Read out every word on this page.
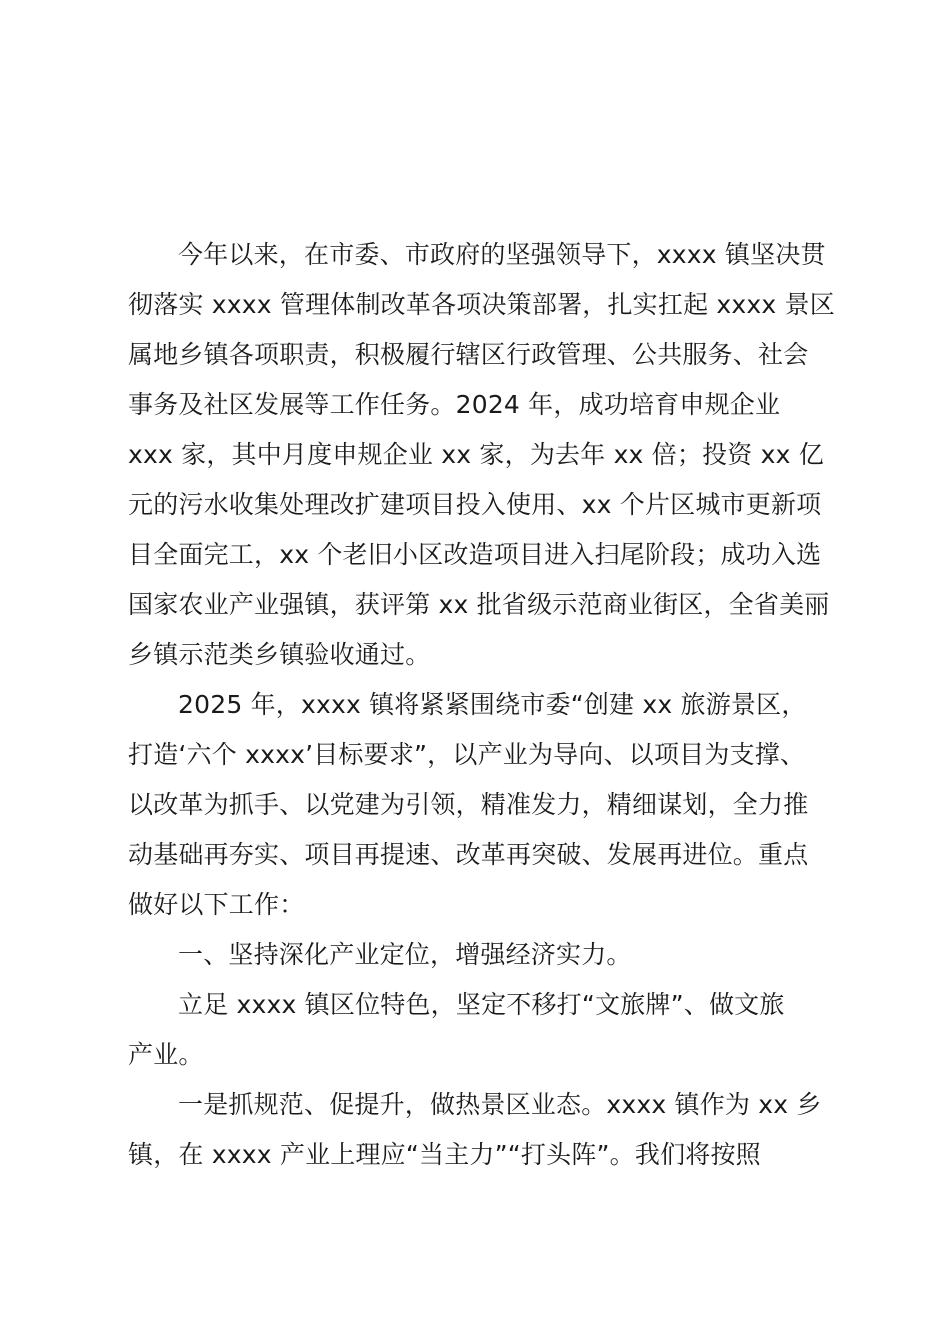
今年以来，在市委、市政府的坚强领导下，xxxx 镇坚决贯
彻落实 xxxx 管理体制改革各项决策部署，扎实扛起 xxxx 景区
属地乡镇各项职责，积极履行辖区行政管理、公共服务、社会
事务及社区发展等工作任务。2024 年，成功培育申规企业
xxx 家，其中月度申规企业 xx 家，为去年 xx 倍；投资 xx 亿
元的污水收集处理改扩建项目投入使用、xx 个片区城市更新项
目全面完工，xx 个老旧小区改造项目进入扫尾阶段；成功入选
国家农业产业强镇，获评第 xx 批省级示范商业街区，全省美丽
乡镇示范类乡镇验收通过。

2025 年，xxxx 镇将紧紧围绕市委“创建 xx 旅游景区，
打造‘六个 xxxx’目标要求”，以产业为导向、以项目为支撑、
以改革为抓手、以党建为引领，精准发力，精细谋划，全力推
动基础再夯实、项目再提速、改革再突破、发展再进位。重点
做好以下工作：

一、坚持深化产业定位，增强经济实力。

立足 xxxx 镇区位特色，坚定不移打“文旅牌”、做文旅
产业。

一是抓规范、促提升，做热景区业态。xxxx 镇作为 xx 乡
镇，在 xxxx 产业上理应“当主力”“打头阵”。我们将按照
